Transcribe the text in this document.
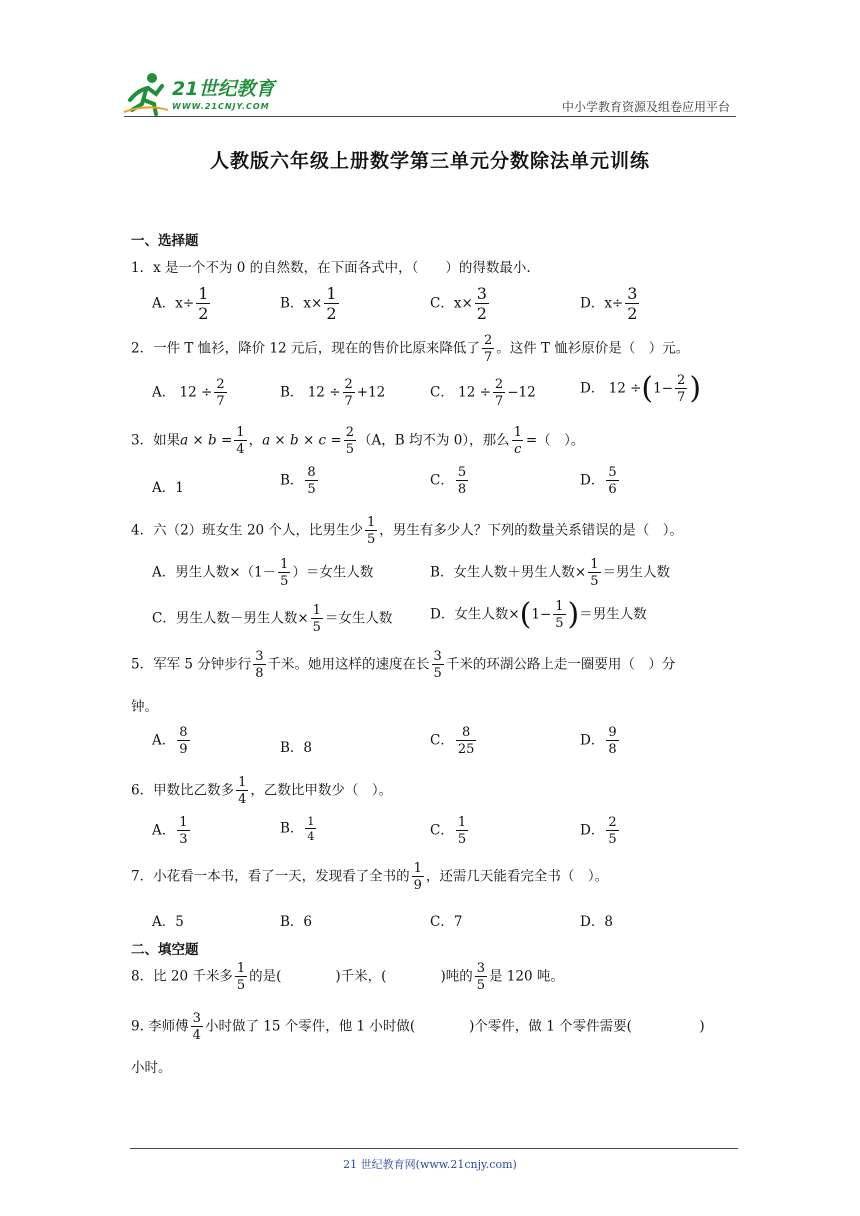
21世纪教育
WWW.21CNJY.COM	中小学教育资源及组卷应用平台
人教版六年级上册数学第三单元分数除法单元训练
一、选择题
1．x 是一个不为 0 的自然数，在下面各式中，（　　）的得数最小.
A．$x\div \frac{1}{2}$	B．$x\times \frac{1}{2}$	C．$x\times \frac{3}{2}$	D．$x\div \frac{3}{2}$
2．一件 T 恤衫，降价 12 元后，现在的售价比原来降低了 $\frac{2}{7}$ 。这件 T 恤衫原价是（　）元。
A． $12 \div \frac{2}{7}$	B． $12 \div \frac{2}{7} +12$	C． $12 \div \frac{2}{7} -12$	D． $12 \div(1- \frac{2}{7}$ )
3．如果$a \times b = \frac{1}{4}$ ，$a \times b \times c = \frac{2}{5} (A$，B 均不为 0），那么 $\frac{1}{c}$ =（　）。
A．1	B． $\frac{8}{5}$	C． $\frac{5}{8}$	D． $\frac{5}{6}$
4．六（2）班女生 20 个人，比男生少 $\frac{1}{5}$ ，男生有多少人？下列的数量关系错误的是（　）。
A．男生人数$\times(1- \frac{1}{5}$ ）＝女生人数	B．女生人数＋男生人数× $\frac{1}{5}$ ＝男生人数
C．男生人数－男生人数× $\frac{1}{5}$ ＝女生人数	D．女生人数$\times(1- \frac{1}{5}$ )＝男生人数
5．军军 5 分钟步行 $\frac{3}{8}$ 千米。她用这样的速度在长 $\frac{3}{5}$ 千米的环湖公路上走一圈要用（　）分
钟。
A． $\frac{8}{9}$	B．8	C． $\frac{8}{25}$	D． $\frac{9}{8}$
6．甲数比乙数多 $\frac{1}{4}$ ，乙数比甲数少（　）。
A． $\frac{1}{3}$	B． $\frac{1}{4}$	C． $\frac{1}{5}$	D． $\frac{2}{5}$
7．小花看一本书，看了一天，发现看了全书的 $\frac{1}{9}$ ，还需几天能看完全书（　）。
A．5	B．6	C．7	D．8
二、填空题
8．比 20 千米多 $\frac{1}{5}$ 的是(　　　　)千米，(　　　　)吨的 $\frac{3}{5}$ 是 120 吨。
9. 李师傅 $\frac{3}{4}$ 小时做了 15 个零件，他 1 小时做(　　　　)个零件，做 1 个零件需要(　　　　　)
小时。
21 世纪教育网(www.21cnjy.com)
